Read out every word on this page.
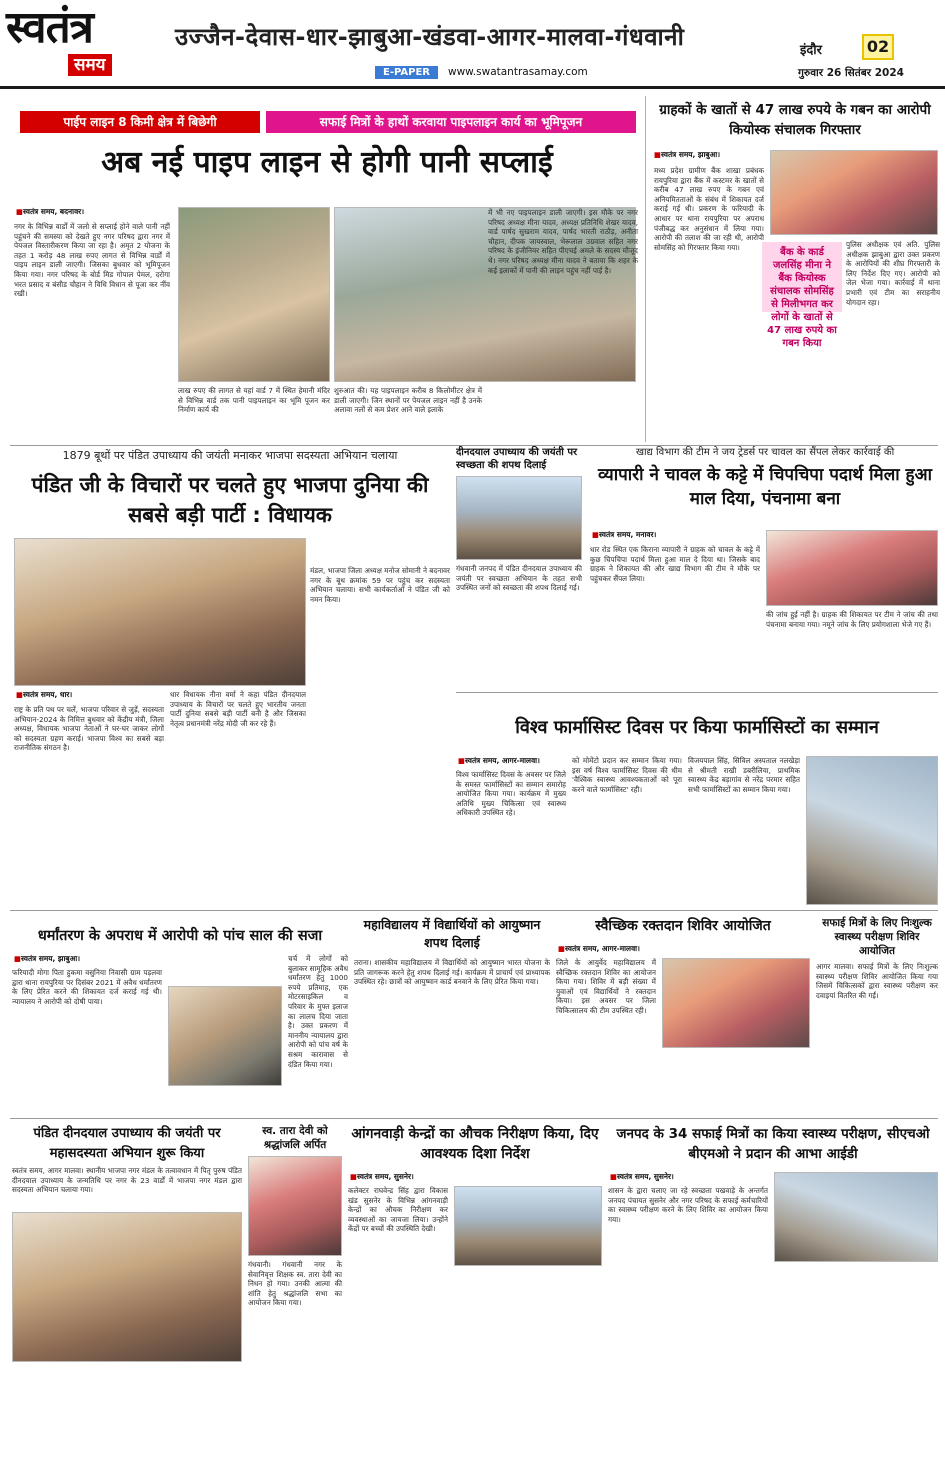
स्वतंत्र
समय
उज्जैन-देवास-धार-झाबुआ-खंडवा-आगर-मालवा-गंधवानी
E-PAPER	www.swatantrasamay.com
इंदौर	02
गुरुवार 26 सितंबर 2024
पाईप लाइन 8 किमी क्षेत्र में बिछेगी	सफाई मित्रों के हाथों करवाया पाइपलाइन कार्य का भूमिपूजन
अब नई पाइप लाइन से होगी पानी सप्लाई
■ स्वतंत्र समय, बदनावर।
नगर के विभिन्न वार्डों में जलो से सप्लाई होने वाले पानी नहीं पहुंचने की समस्या को देखते हुए नगर परिषद द्वारा नगर में पेयजल विस्तारीकरण किया जा रहा है। अमृत 2 योजना के तहत 1 करोड़ 48 लाख रुपए लागत से विभिन्न वार्डों में पाइप लाइन डाली जाएगी। जिसका बुधवार को भूमिपूजन किया गया। नगर परिषद के बोर्ड मिड गोपाल पेमल, दरोगा भरत प्रसाद व बंसीड चौहान ने विधि विधान से पूजा कर नींव रखी।
लाख रुपए की लागत से यहां वार्ड 7 में स्थित हेमानी मंदिर से विभिन्न वार्ड तक पानी पाइपलाइन का भूमि पूजन कर निर्माण कार्य की
शुरुआत की। यह पाइपलाइन करीब 8 किलोमीटर क्षेत्र में डाली जाएगी। जिन स्थानों पर पेयजल लाइन नहीं है उनके अलावा नलों से कम प्रेशर आने वाले इलाके
में भी नए पाइपलाइन डाली जाएगी। इस मौके पर नगर परिषद अध्यक्ष मीना यादव, अध्यक्ष प्रतिनिधि शेखर यादव, वार्ड पार्षद सुखराम यादव, पार्षद भारती राठौड़, अनीता चौहान, दीपक जायस्वाल, भेरूलाल उग्रवाल सहित नगर परिषद के इंजीनियर सहित पीएचई अमले के सदस्य मौजूद थे। नगर परिषद अध्यक्ष मीना यादव ने बताया कि शहर के कई इलाकों में पानी की लाइन पहुंच नहीं पाई है।
ग्राहकों के खातों से 47 लाख रुपये के गबन का आरोपी कियोस्क संचालक गिरफ्तार
■ स्वतंत्र समय, झाबुआ।
मध्य प्रदेश ग्रामीण बैंक शाखा प्रबंधक रायपुरिया द्वारा बैंक में कस्टमर के खातों से करीब 47 लाख रुपए के गबन एवं अनियमितताओं के संबंध में शिकायत दर्ज कराई गई थी। प्रकरण के फरियादी के आधार पर थाना रायपुरिया पर अपराध पंजीबद्ध कर अनुसंधान में लिया गया। आरोपी की तलाश की जा रही थी, आरोपी सोमसिंह को गिरफ्तार किया गया।	बैंक के कार्ड जलसिंह मीना ने बैंक कियोस्क संचालक सोमसिंह से मिलीभगत कर लोगों के खातों से 47 लाख रुपये का गबन किया
पुलिस अधीक्षक एवं अति. पुलिस अधीक्षक झाबुआ द्वारा उक्त प्रकरण के आरोपियों की शीघ्र गिरफ्तारी के लिए निर्देश दिए गए। आरोपी को जेल भेजा गया। कार्रवाई में थाना प्रभारी एवं टीम का सराहनीय योगदान रहा।
1879 बूथों पर पंडित उपाध्याय की जयंती मनाकर भाजपा सदस्यता अभियान चलाया
पंडित जी के विचारों पर चलते हुए भाजपा दुनिया की सबसे बड़ी पार्टी : विधायक
मंडल, भाजपा जिला अध्यक्ष मनोज सोमानी ने बदनावर नगर के बूथ क्रमांक 59 पर पहुंच कर सदस्यता अभियान चलाया। सभी कार्यकर्ताओं ने पंडित जी को नमन किया।
■ स्वतंत्र समय, धार।
राष्ट्र के प्रति पथ पर चलें, भाजपा परिवार से जुड़ें, सदस्यता अभियान-2024 के निमित्त बुधवार को केंद्रीय मंत्री, जिला अध्यक्ष, विधायक भाजपा नेताओं ने घर-घर जाकर लोगों को सदस्यता ग्रहण कराई। भाजपा विश्व का सबसे बड़ा राजनीतिक संगठन है।
धार विधायक नीना वर्मा ने कहा पंडित दीनदयाल उपाध्याय के विचारों पर चलते हुए भारतीय जनता पार्टी दुनिया सबसे बड़ी पार्टी बनी है और जिसका नेतृत्व प्रधानमंत्री नरेंद्र मोदी जी कर रहे हैं।
दीनदयाल उपाध्याय की जयंती पर स्वच्छता की शपथ दिलाई
गंधवानी जनपद में पंडित दीनदयाल उपाध्याय की जयंती पर स्वच्छता अभियान के तहत सभी उपस्थित जनों को स्वच्छता की शपथ दिलाई गई।
खाद्य विभाग की टीम ने जय ट्रेडर्स पर चावल का सैंपल लेकर कार्रवाई की
व्यापारी ने चावल के कट्टे में चिपचिपा पदार्थ मिला हुआ माल दिया, पंचनामा बना
■ स्वतंत्र समय, मनावर।
धार रोड स्थित एक किराना व्यापारी ने ग्राहक को चावल के कट्टे में कुछ चिपचिपा पदार्थ मिला हुआ माल दे दिया था। जिसके बाद ग्राहक ने शिकायत की और खाद्य विभाग की टीम ने मौके पर पहुंचकर सैंपल लिया।
की जांच हुई नहीं है। ग्राहक की शिकायत पर टीम ने जांच की तथा पंचनामा बनाया गया। नमूने जांच के लिए प्रयोगशाला भेजे गए हैं।
विश्व फार्मासिस्ट दिवस पर किया फार्मासिस्टों का सम्मान
■ स्वतंत्र समय, आगर-मालवा।
विश्व फार्मासिस्ट दिवस के अवसर पर जिले के समस्त फार्मासिस्टों का सम्मान समारोह आयोजित किया गया। कार्यक्रम में मुख्य अतिथि मुख्य चिकित्सा एवं स्वास्थ्य अधिकारी उपस्थित रहे।
को मोमेंटो प्रदान कर सम्मान किया गया। इस वर्ष विश्व फार्मासिस्ट दिवस की थीम 'वैश्विक स्वास्थ्य आवश्यकताओं को पूरा करने वाले फार्मासिस्ट' रही।
विजयपाल सिंह, सिविल अस्पताल नलखेड़ा से श्रीमती राखी डबरीलिया, प्राथमिक स्वास्थ्य केंद्र बड़ागांव से नरेंद्र परमार सहित सभी फार्मासिस्टों का सम्मान किया गया।
धर्मांतरण के अपराध में आरोपी को पांच साल की सजा
■ स्वतंत्र समय, झाबुआ।
फरियादी मोगा पिता हुकमा वसुनिया निवासी ग्राम पड़लवा द्वारा थाना रायपुरिया पर दिसंबर 2021 में अवैध धर्मांतरण के लिए प्रेरित करने की शिकायत दर्ज कराई गई थी। न्यायालय ने आरोपी को दोषी पाया।
चर्च में लोगों को बुलाकर सामूहिक अवैध धर्मांतरण हेतु 1000 रुपये प्रतिमाह, एक मोटरसाइकिल व परिवार के मुफ्त इलाज का लालच दिया जाता है। उक्त प्रकरण में माननीय न्यायालय द्वारा आरोपी को पांच वर्ष के सश्रम कारावास से दंडित किया गया।
महाविद्यालय में विद्यार्थियों को आयुष्मान शपथ दिलाई
तराना। शासकीय महाविद्यालय में विद्यार्थियों को आयुष्मान भारत योजना के प्रति जागरूक करने हेतु शपथ दिलाई गई। कार्यक्रम में प्राचार्य एवं प्राध्यापक उपस्थित रहे। छात्रों को आयुष्मान कार्ड बनवाने के लिए प्रेरित किया गया।
स्वैच्छिक रक्तदान शिविर आयोजित
■ स्वतंत्र समय, आगर-मालवा।
जिले के आयुर्वेद महाविद्यालय में स्वैच्छिक रक्तदान शिविर का आयोजन किया गया। शिविर में बड़ी संख्या में युवाओं एवं विद्यार्थियों ने रक्तदान किया। इस अवसर पर जिला चिकित्सालय की टीम उपस्थित रही।
सफाई मित्रों के लिए निःशुल्क स्वास्थ्य परीक्षण शिविर आयोजित
आगर मालवा। सफाई मित्रों के लिए निःशुल्क स्वास्थ्य परीक्षण शिविर आयोजित किया गया जिसमें चिकित्सकों द्वारा स्वास्थ्य परीक्षण कर दवाइयां वितरित की गईं।
पंडित दीनदयाल उपाध्याय की जयंती पर महासदस्यता अभियान शुरू किया
स्वतंत्र समय, आगर मालवा। स्थानीय भाजपा नगर मंडल के तत्वावधान में पितृ पुरुष पंडित दीनदयाल उपाध्याय के जन्मतिथि पर नगर के 23 वार्डों में भाजपा नगर मंडल द्वारा सदस्यता अभियान चलाया गया।
स्व. तारा देवी को श्रद्धांजलि अर्पित
गंधवानी। गंधवानी नगर के सेवानिवृत्त शिक्षक स्व. तारा देवी का निधन हो गया। उनकी आत्मा की शांति हेतु श्रद्धांजलि सभा का आयोजन किया गया।
आंगनवाड़ी केन्द्रों का औचक निरीक्षण किया, दिए आवश्यक दिशा निर्देश
■ स्वतंत्र समय, सुसनेर।
कलेक्टर राघवेन्द्र सिंह द्वारा विकास खंड सुसनेर के विभिन्न आंगनवाड़ी केन्द्रों का औचक निरीक्षण कर व्यवस्थाओं का जायजा लिया। उन्होंने केंद्रों पर बच्चों की उपस्थिति देखी।
जनपद के 34 सफाई मित्रों का किया स्वास्थ्य परीक्षण, सीएचओ बीएमओ ने प्रदान की आभा आईडी
■ स्वतंत्र समय, सुसनेर।
शासन के द्वारा चलाए जा रहे स्वच्छता पखवाड़े के अन्तर्गत जनपद पंचायत सुसनेर और नगर परिषद के सफाई कर्मचारियों का स्वास्थ्य परीक्षण करने के लिए शिविर का आयोजन किया गया।
